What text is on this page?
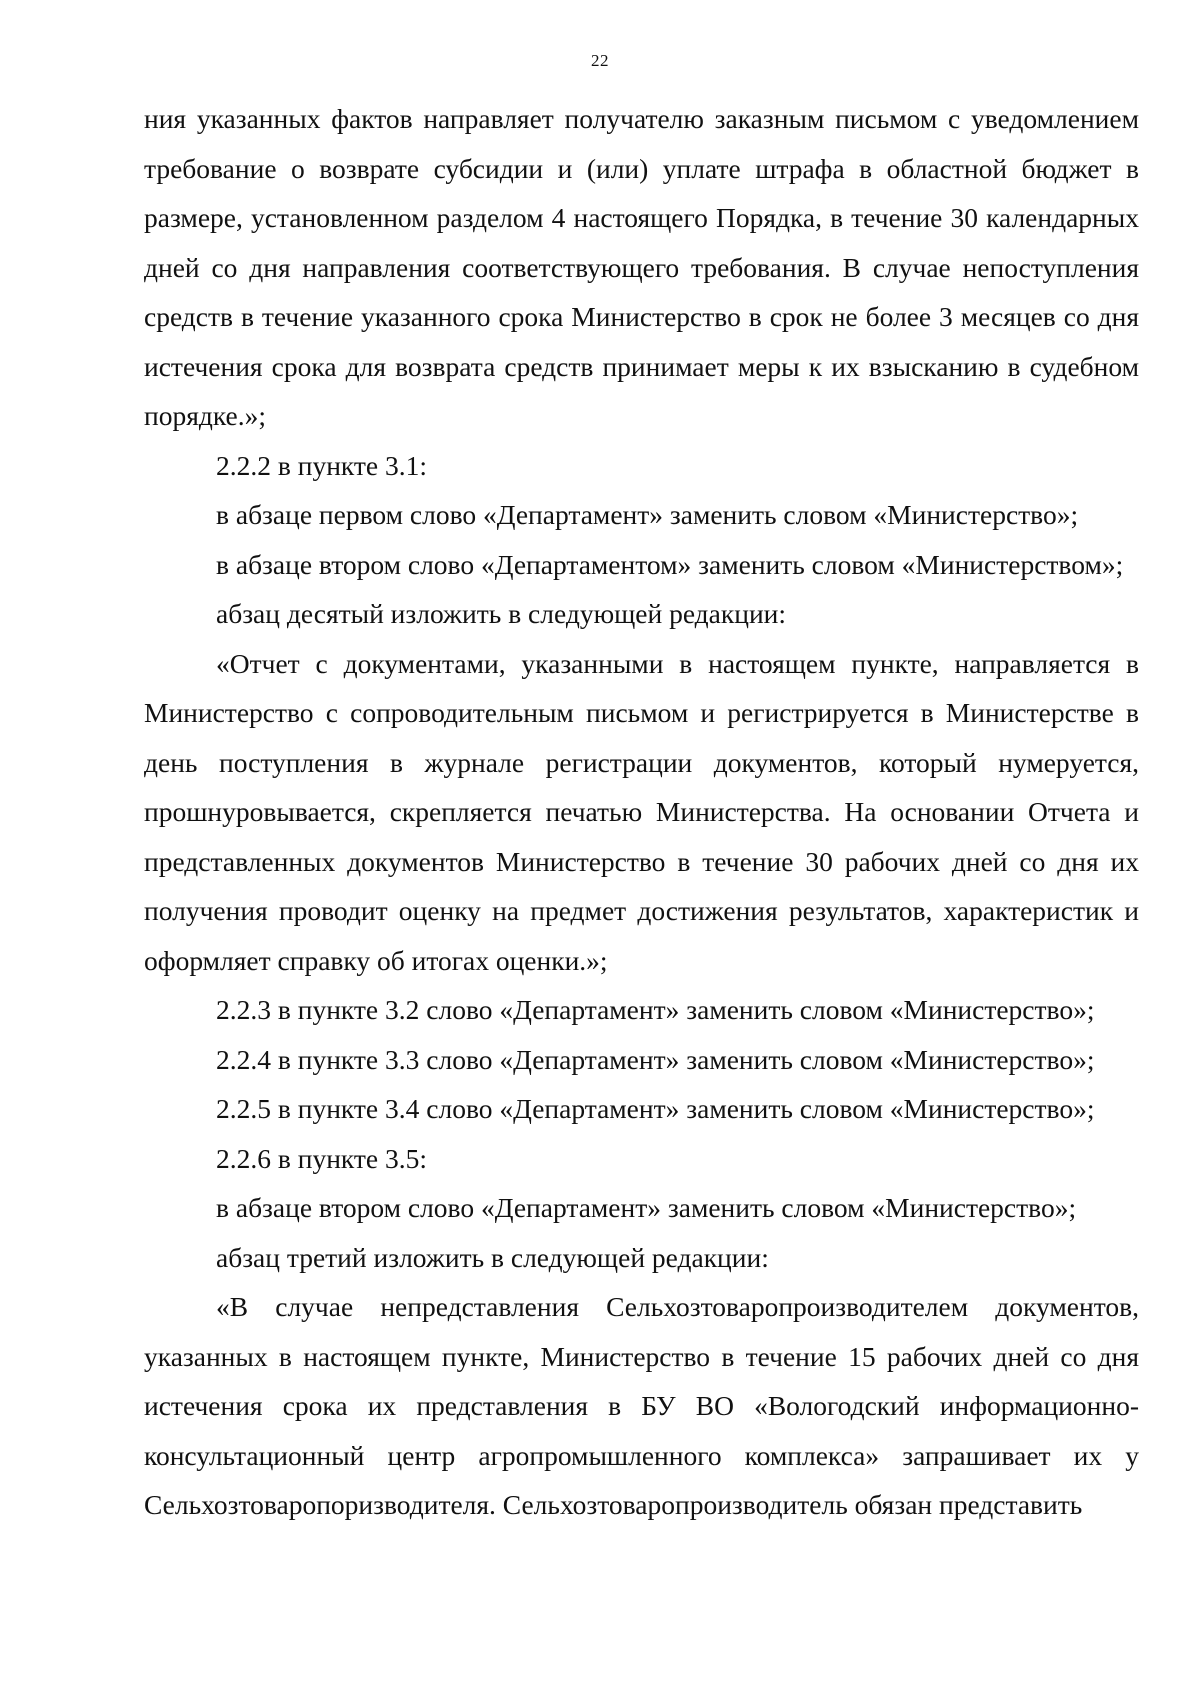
22

ния указанных фактов направляет получателю заказным письмом с уведомлением требование о возврате субсидии и (или) уплате штрафа в областной бюджет в размере, установленном разделом 4 настоящего Порядка, в течение 30 календарных дней со дня направления соответствующего требования. В случае непоступления средств в течение указанного срока Министерство в срок не более 3 месяцев со дня истечения срока для возврата средств принимает меры к их взысканию в судебном порядке.»;

2.2.2 в пункте 3.1:

в абзаце первом слово «Департамент» заменить словом «Министерство»;

в абзаце втором слово «Департаментом» заменить словом «Министерством»;

абзац десятый изложить в следующей редакции:

«Отчет с документами, указанными в настоящем пункте, направляется в Министерство с сопроводительным письмом и регистрируется в Министерстве в день поступления в журнале регистрации документов, который нумеруется, прошнуровывается, скрепляется печатью Министерства. На основании Отчета и представленных документов Министерство в течение 30 рабочих дней со дня их получения проводит оценку на предмет достижения результатов, характеристик и оформляет справку об итогах оценки.»;

2.2.3 в пункте 3.2 слово «Департамент» заменить словом «Министерство»;

2.2.4 в пункте 3.3 слово «Департамент» заменить словом «Министерство»;

2.2.5 в пункте 3.4 слово «Департамент» заменить словом «Министерство»;

2.2.6 в пункте 3.5:

в абзаце втором слово «Департамент» заменить словом «Министерство»;

абзац третий изложить в следующей редакции:

«В случае непредставления Сельхозтоваропроизводителем документов, указанных в настоящем пункте, Министерство в течение 15 рабочих дней со дня истечения срока их представления в БУ ВО «Вологодский информационно-консультационный центр агропромышленного комплекса» запрашивает их у Сельхозтоваропоризводителя. Сельхозтоваропроизводитель обязан представить
